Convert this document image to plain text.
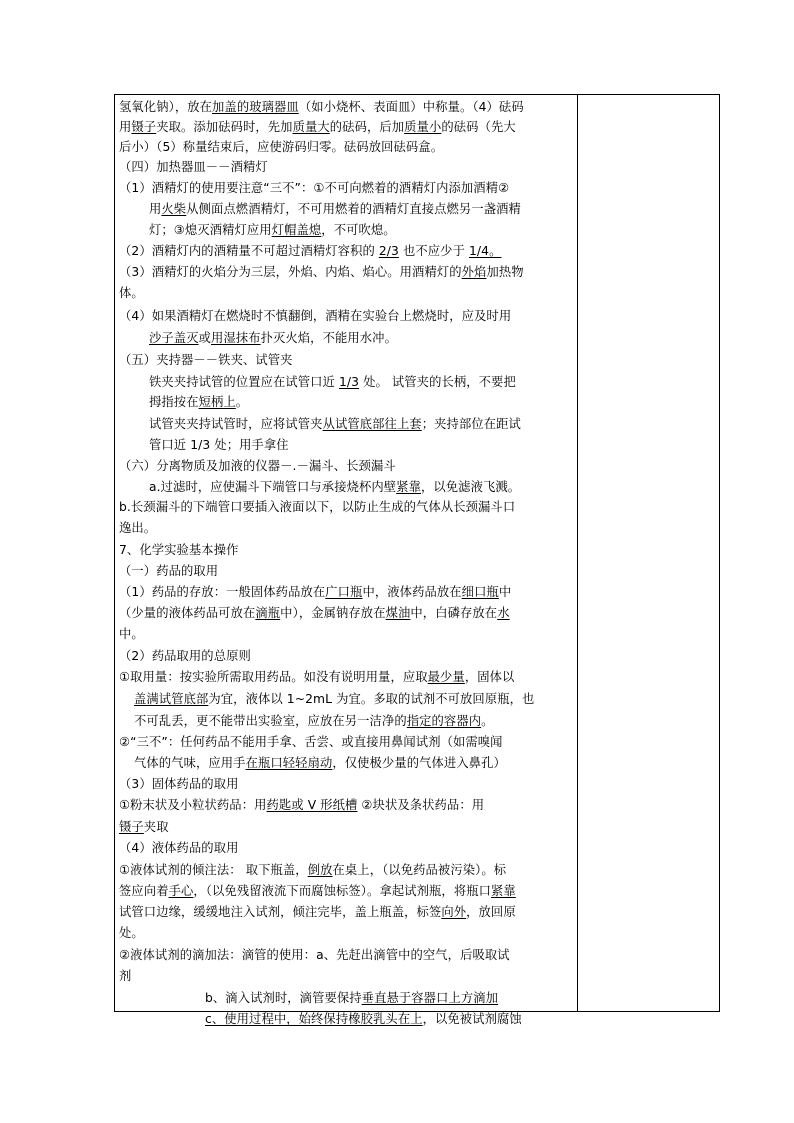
氢氧化钠），放在加盖的玻璃器皿（如小烧杯、表面皿）中称量。（4）砝码
用镊子夹取。添加砝码时，先加质量大的砝码，后加质量小的砝码（先大
后小）（5）称量结束后，应使游码归零。砝码放回砝码盒。
（四）加热器皿－－酒精灯
（1）酒精灯的使用要注意“三不”：①不可向燃着的酒精灯内添加酒精②
用火柴从侧面点燃酒精灯，不可用燃着的酒精灯直接点燃另一盏酒精
灯；③熄灭酒精灯应用灯帽盖熄，不可吹熄。
（2）酒精灯内的酒精量不可超过酒精灯容积的 2/3 也不应少于 1/4。
（3）酒精灯的火焰分为三层，外焰、内焰、焰心。用酒精灯的外焰加热物
体。
（4）如果酒精灯在燃烧时不慎翻倒，酒精在实验台上燃烧时，应及时用
沙子盖灭或用湿抹布扑灭火焰，不能用水冲。
（五）夹持器－－铁夹、试管夹
铁夹夹持试管的位置应在试管口近 1/3 处。 试管夹的长柄，不要把
拇指按在短柄上。
试管夹夹持试管时，应将试管夹从试管底部往上套；夹持部位在距试
管口近 1/3 处；用手拿住
（六）分离物质及加液的仪器－.－漏斗、长颈漏斗
a.过滤时，应使漏斗下端管口与承接烧杯内壁紧靠，以免滤液飞溅。
b.长颈漏斗的下端管口要插入液面以下，以防止生成的气体从长颈漏斗口
逸出。
7、化学实验基本操作
（一）药品的取用
（1）药品的存放：一般固体药品放在广口瓶中，液体药品放在细口瓶中
（少量的液体药品可放在滴瓶中），金属钠存放在煤油中，白磷存放在水
中。
（2）药品取用的总原则
①取用量：按实验所需取用药品。如没有说明用量，应取最少量，固体以
盖满试管底部为宜，液体以 1~2mL 为宜。多取的试剂不可放回原瓶，也
不可乱丢，更不能带出实验室，应放在另一洁净的指定的容器内。
②“三不”：任何药品不能用手拿、舌尝、或直接用鼻闻试剂（如需嗅闻
气体的气味，应用手在瓶口轻轻扇动，仅使极少量的气体进入鼻孔）
（3）固体药品的取用
①粉末状及小粒状药品：用药匙或 V 形纸槽 ②块状及条状药品：用
镊子夹取
（4）液体药品的取用
①液体试剂的倾注法： 取下瓶盖，倒放在桌上，（以免药品被污染）。标
签应向着手心，（以免残留液流下而腐蚀标签）。拿起试剂瓶，将瓶口紧靠
试管口边缘，缓缓地注入试剂，倾注完毕，盖上瓶盖，标签向外，放回原
处。
②液体试剂的滴加法：滴管的使用：a、先赶出滴管中的空气，后吸取试
剂
b、滴入试剂时，滴管要保持垂直悬于容器口上方滴加
c、使用过程中，始终保持橡胶乳头在上，以免被试剂腐蚀
